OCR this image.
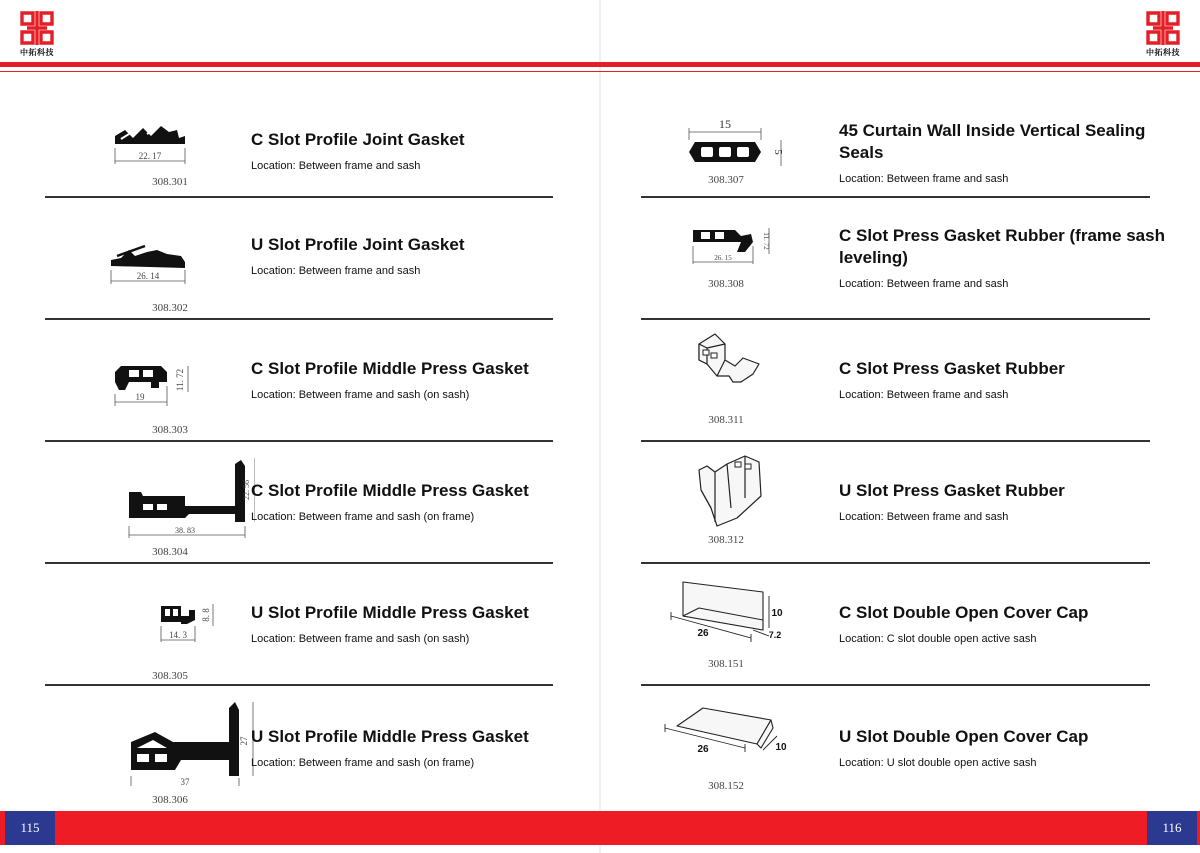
中拓科技	中拓科技
22. 17
308.301
C Slot Profile Joint Gasket
Location: Between frame and sash
26. 14
308.302
U Slot Profile Joint Gasket
Location: Between frame and sash
19
11. 72
308.303
C Slot Profile Middle Press Gasket
Location: Between frame and sash (on sash)
38. 83
22. 56
308.304
C Slot Profile Middle Press Gasket
Location: Between frame and sash (on frame)
14. 3
8. 8
308.305
U Slot Profile Middle Press Gasket
Location: Between frame and sash (on sash)
37
27
308.306
U Slot Profile Middle Press Gasket
Location: Between frame and sash (on frame)
15
5
308.307
45 Curtain Wall Inside Vertical Sealing Seals
Location: Between frame and sash
26. 15
11. 72
308.308
C Slot Press Gasket Rubber (frame sash leveling)
Location: Between frame and sash
308.311
C Slot Press Gasket Rubber
Location: Between frame and sash
308.312
U Slot Press Gasket Rubber
Location: Between frame and sash
26
10
7.2
308.151
C Slot Double Open Cover Cap
Location: C slot double open active sash
26	10
308.152
U Slot Double Open Cover Cap
Location: U slot double open active sash
115	116
